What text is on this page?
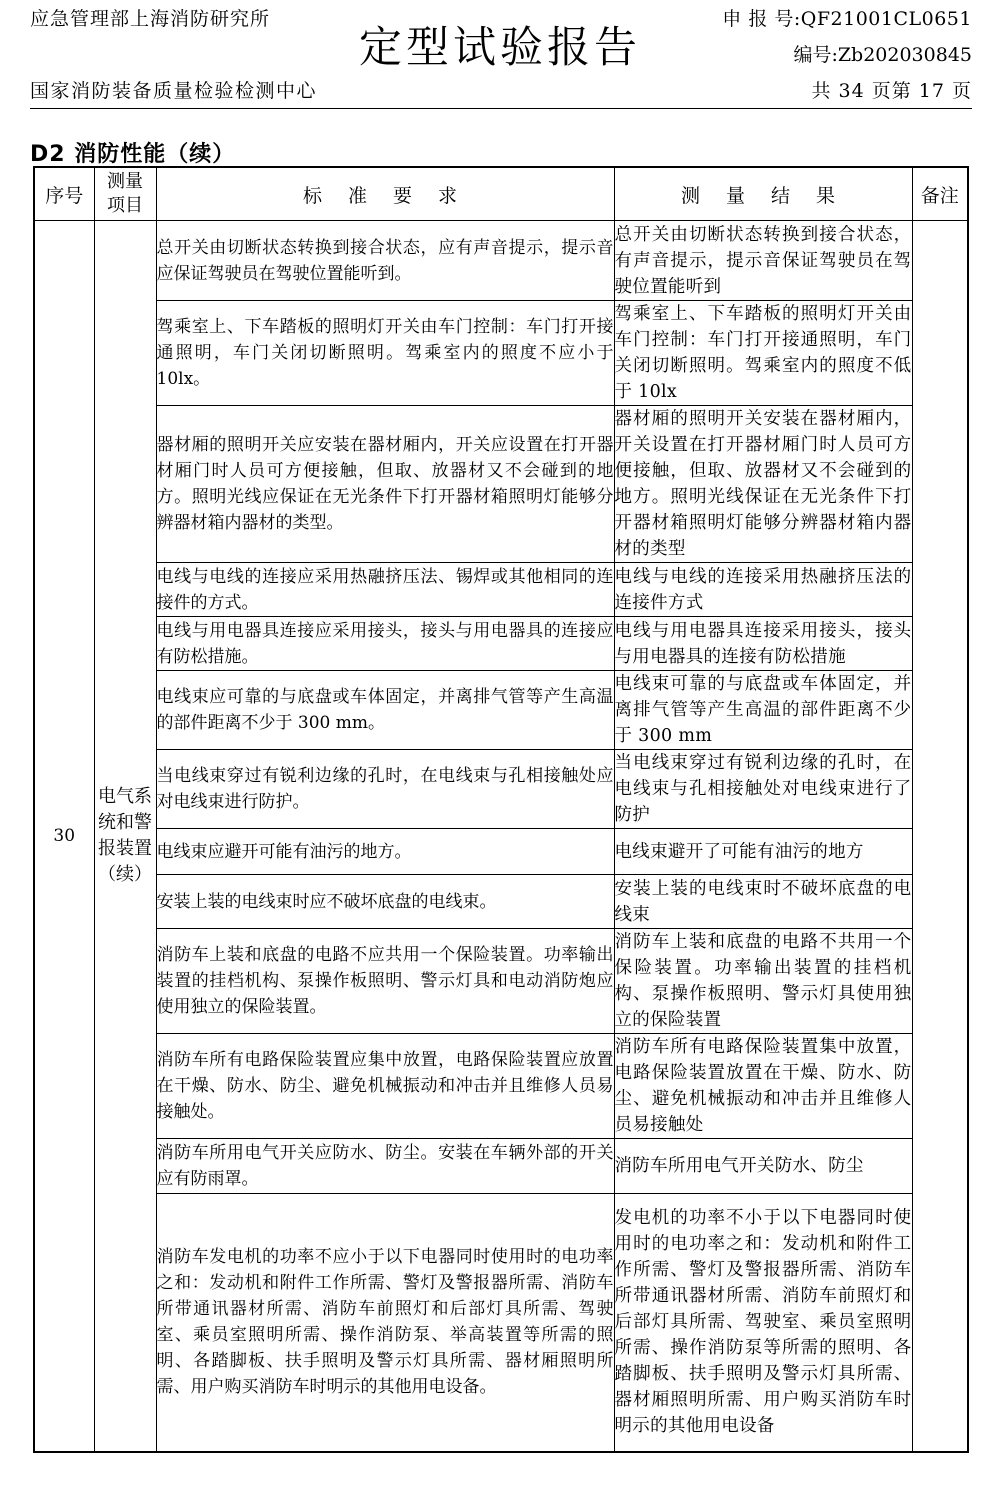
应急管理部上海消防研究所
定型试验报告
申 报 号:QF21001CL0651
编号:Zb202030845
国家消防装备质量检验检测中心	共 34 页第 17 页
D2 消防性能（续）
序号	测量项目	标 准 要 求	测 量 结 果	备注
30	电气系统和警报装置（续）	总开关由切断状态转换到接合状态，应有声音提示，提示音应保证驾驶员在驾驶位置能听到。	总开关由切断状态转换到接合状态，有声音提示，提示音保证驾驶员在驾驶位置能听到	
		驾乘室上、下车踏板的照明灯开关由车门控制：车门打开接通照明，车门关闭切断照明。驾乘室内的照度不应小于 10lx。	驾乘室上、下车踏板的照明灯开关由车门控制：车门打开接通照明，车门关闭切断照明。驾乘室内的照度不低于 10lx	
		器材厢的照明开关应安装在器材厢内，开关应设置在打开器材厢门时人员可方便接触，但取、放器材又不会碰到的地方。照明光线应保证在无光条件下打开器材箱照明灯能够分辨器材箱内器材的类型。	器材厢的照明开关安装在器材厢内，开关设置在打开器材厢门时人员可方便接触，但取、放器材又不会碰到的地方。照明光线保证在无光条件下打开器材箱照明灯能够分辨器材箱内器材的类型	
		电线与电线的连接应采用热融挤压法、锡焊或其他相同的连接件的方式。	电线与电线的连接采用热融挤压法的连接件方式	
		电线与用电器具连接应采用接头，接头与用电器具的连接应有防松措施。	电线与用电器具连接采用接头，接头与用电器具的连接有防松措施	
		电线束应可靠的与底盘或车体固定，并离排气管等产生高温的部件距离不少于 300 mm。	电线束可靠的与底盘或车体固定，并离排气管等产生高温的部件距离不少于 300 mm	
		当电线束穿过有锐利边缘的孔时，在电线束与孔相接触处应对电线束进行防护。	当电线束穿过有锐利边缘的孔时，在电线束与孔相接触处对电线束进行了防护	
		电线束应避开可能有油污的地方。	电线束避开了可能有油污的地方	
		安装上装的电线束时应不破坏底盘的电线束。	安装上装的电线束时不破坏底盘的电线束	
		消防车上装和底盘的电路不应共用一个保险装置。功率输出装置的挂档机构、泵操作板照明、警示灯具和电动消防炮应使用独立的保险装置。	消防车上装和底盘的电路不共用一个保险装置。功率输出装置的挂档机构、泵操作板照明、警示灯具使用独立的保险装置	
		消防车所有电路保险装置应集中放置，电路保险装置应放置在干燥、防水、防尘、避免机械振动和冲击并且维修人员易接触处。	消防车所有电路保险装置集中放置，电路保险装置放置在干燥、防水、防尘、避免机械振动和冲击并且维修人员易接触处	
		消防车所用电气开关应防水、防尘。安装在车辆外部的开关应有防雨罩。	消防车所用电气开关防水、防尘	
		消防车发电机的功率不应小于以下电器同时使用时的电功率之和：发动机和附件工作所需、警灯及警报器所需、消防车所带通讯器材所需、消防车前照灯和后部灯具所需、驾驶室、乘员室照明所需、操作消防泵、举高装置等所需的照明、各踏脚板、扶手照明及警示灯具所需、器材厢照明所需、用户购买消防车时明示的其他用电设备。	发电机的功率不小于以下电器同时使用时的电功率之和：发动机和附件工作所需、警灯及警报器所需、消防车所带通讯器材所需、消防车前照灯和后部灯具所需、驾驶室、乘员室照明所需、操作消防泵等所需的照明、各踏脚板、扶手照明及警示灯具所需、器材厢照明所需、用户购买消防车时明示的其他用电设备	
